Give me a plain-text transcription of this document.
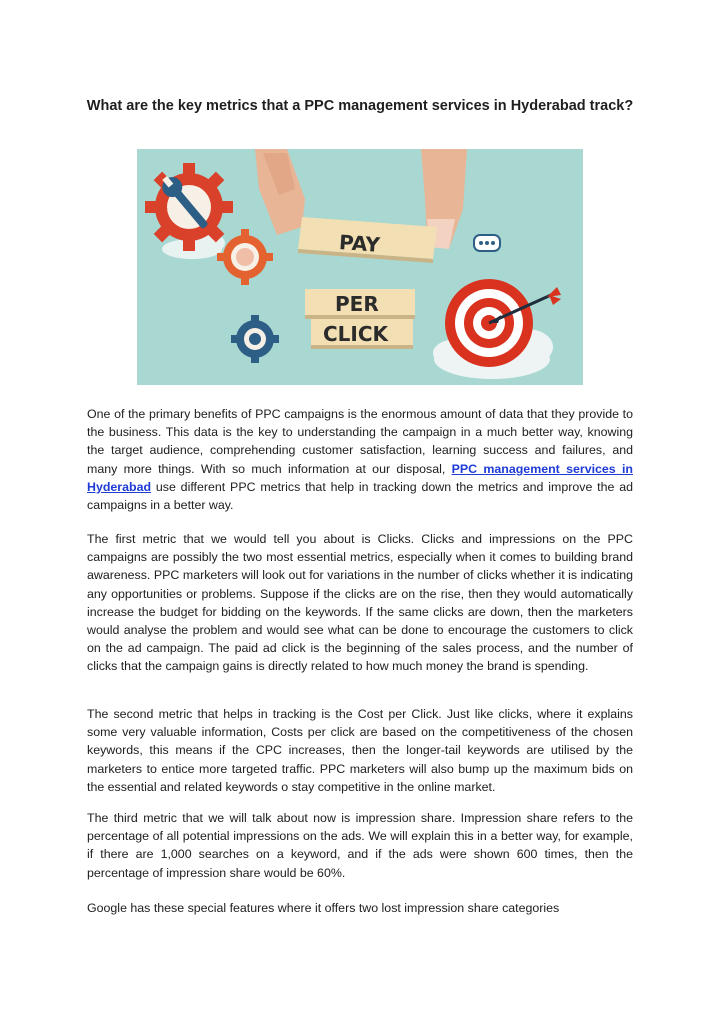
What are the key metrics that a PPC management services in Hyderabad track?
PAY
PER
CLICK

One of the primary benefits of PPC campaigns is the enormous amount of data that they provide to the business. This data is the key to understanding the campaign in a much better way, knowing the target audience, comprehending customer satisfaction, learning success and failures, and many more things. With so much information at our disposal, PPC management services in Hyderabad use different PPC metrics that help in tracking down the metrics and improve the ad campaigns in a better way.

The first metric that we would tell you about is Clicks. Clicks and impressions on the PPC campaigns are possibly the two most essential metrics, especially when it comes to building brand awareness. PPC marketers will look out for variations in the number of clicks whether it is indicating any opportunities or problems. Suppose if the clicks are on the rise, then they would automatically increase the budget for bidding on the keywords. If the same clicks are down, then the marketers would analyse the problem and would see what can be done to encourage the customers to click on the ad campaign. The paid ad click is the beginning of the sales process, and the number of clicks that the campaign gains is directly related to how much money the brand is spending.

The second metric that helps in tracking is the Cost per Click. Just like clicks, where it explains some very valuable information, Costs per click are based on the competitiveness of the chosen keywords, this means if the CPC increases, then the longer-tail keywords are utilised by the marketers to entice more targeted traffic. PPC marketers will also bump up the maximum bids on the essential and related keywords o stay competitive in the online market.

The third metric that we will talk about now is impression share. Impression share refers to the percentage of all potential impressions on the ads. We will explain this in a better way, for example, if there are 1,000 searches on a keyword, and if the ads were shown 600 times, then the percentage of impression share would be 60%.

Google has these special features where it offers two lost impression share categories
